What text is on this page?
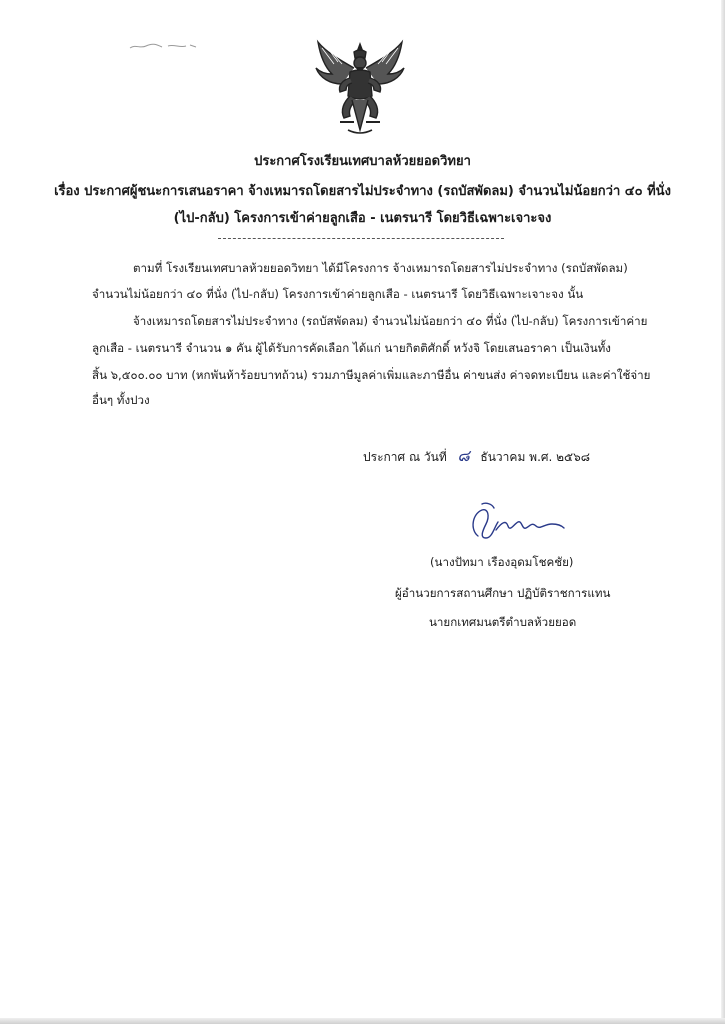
ประกาศโรงเรียนเทศบาลห้วยยอดวิทยา
เรื่อง ประกาศผู้ชนะการเสนอราคา จ้างเหมารถโดยสารไม่ประจำทาง (รถบัสพัดลม) จำนวนไม่น้อยกว่า ๔๐ ที่นั่ง
(ไป-กลับ) โครงการเข้าค่ายลูกเสือ - เนตรนารี โดยวิธีเฉพาะเจาะจง
ตามที่ โรงเรียนเทศบาลห้วยยอดวิทยา ได้มีโครงการ จ้างเหมารถโดยสารไม่ประจำทาง (รถบัสพัดลม)
จำนวนไม่น้อยกว่า ๔๐ ที่นั่ง (ไป-กลับ) โครงการเข้าค่ายลูกเสือ - เนตรนารี โดยวิธีเฉพาะเจาะจง นั้น
จ้างเหมารถโดยสารไม่ประจำทาง (รถบัสพัดลม) จำนวนไม่น้อยกว่า ๔๐ ที่นั่ง (ไป-กลับ) โครงการเข้าค่าย
ลูกเสือ - เนตรนารี จำนวน ๑ คัน ผู้ได้รับการคัดเลือก ได้แก่ นายกิตติศักดิ์ หวังจิ โดยเสนอราคา เป็นเงินทั้ง
สิ้น ๖,๕๐๐.๐๐ บาท (หกพันห้าร้อยบาทถ้วน) รวมภาษีมูลค่าเพิ่มและภาษีอื่น ค่าขนส่ง ค่าจดทะเบียน และค่าใช้จ่าย
อื่นๆ ทั้งปวง
ประกาศ ณ วันที่ ๘ ธันวาคม พ.ศ. ๒๕๖๘
(นางปัทมา เรืองอุดมโชคชัย)
ผู้อำนวยการสถานศึกษา ปฏิบัติราชการแทน
นายกเทศมนตรีตำบลห้วยยอด
